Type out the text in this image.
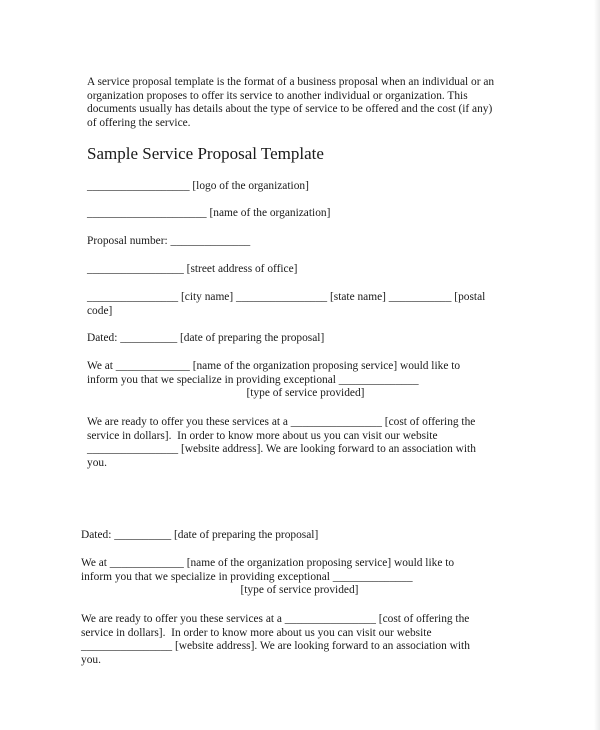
A service proposal template is the format of a business proposal when an individual or an
organization proposes to offer its service to another individual or organization. This
documents usually has details about the type of service to be offered and the cost (if any)
of offering the service.

Sample Service Proposal Template
__________________ [logo of the organization]
_____________________ [name of the organization]
Proposal number: ______________
_________________ [street address of office]

________________ [city name] ________________ [state name] ___________ [postal
code]

Dated: __________ [date of preparing the proposal]

We at _____________ [name of the organization proposing service] would like to
inform you that we specialize in providing exceptional ______________
[type of service provided]

We are ready to offer you these services at a ________________ [cost of offering the
service in dollars].  In order to know more about us you can visit our website
________________ [website address]. We are looking forward to an association with
you.

Dated: __________ [date of preparing the proposal]

We at _____________ [name of the organization proposing service] would like to
inform you that we specialize in providing exceptional ______________
[type of service provided]

We are ready to offer you these services at a ________________ [cost of offering the
service in dollars].  In order to know more about us you can visit our website
________________ [website address]. We are looking forward to an association with
you.
